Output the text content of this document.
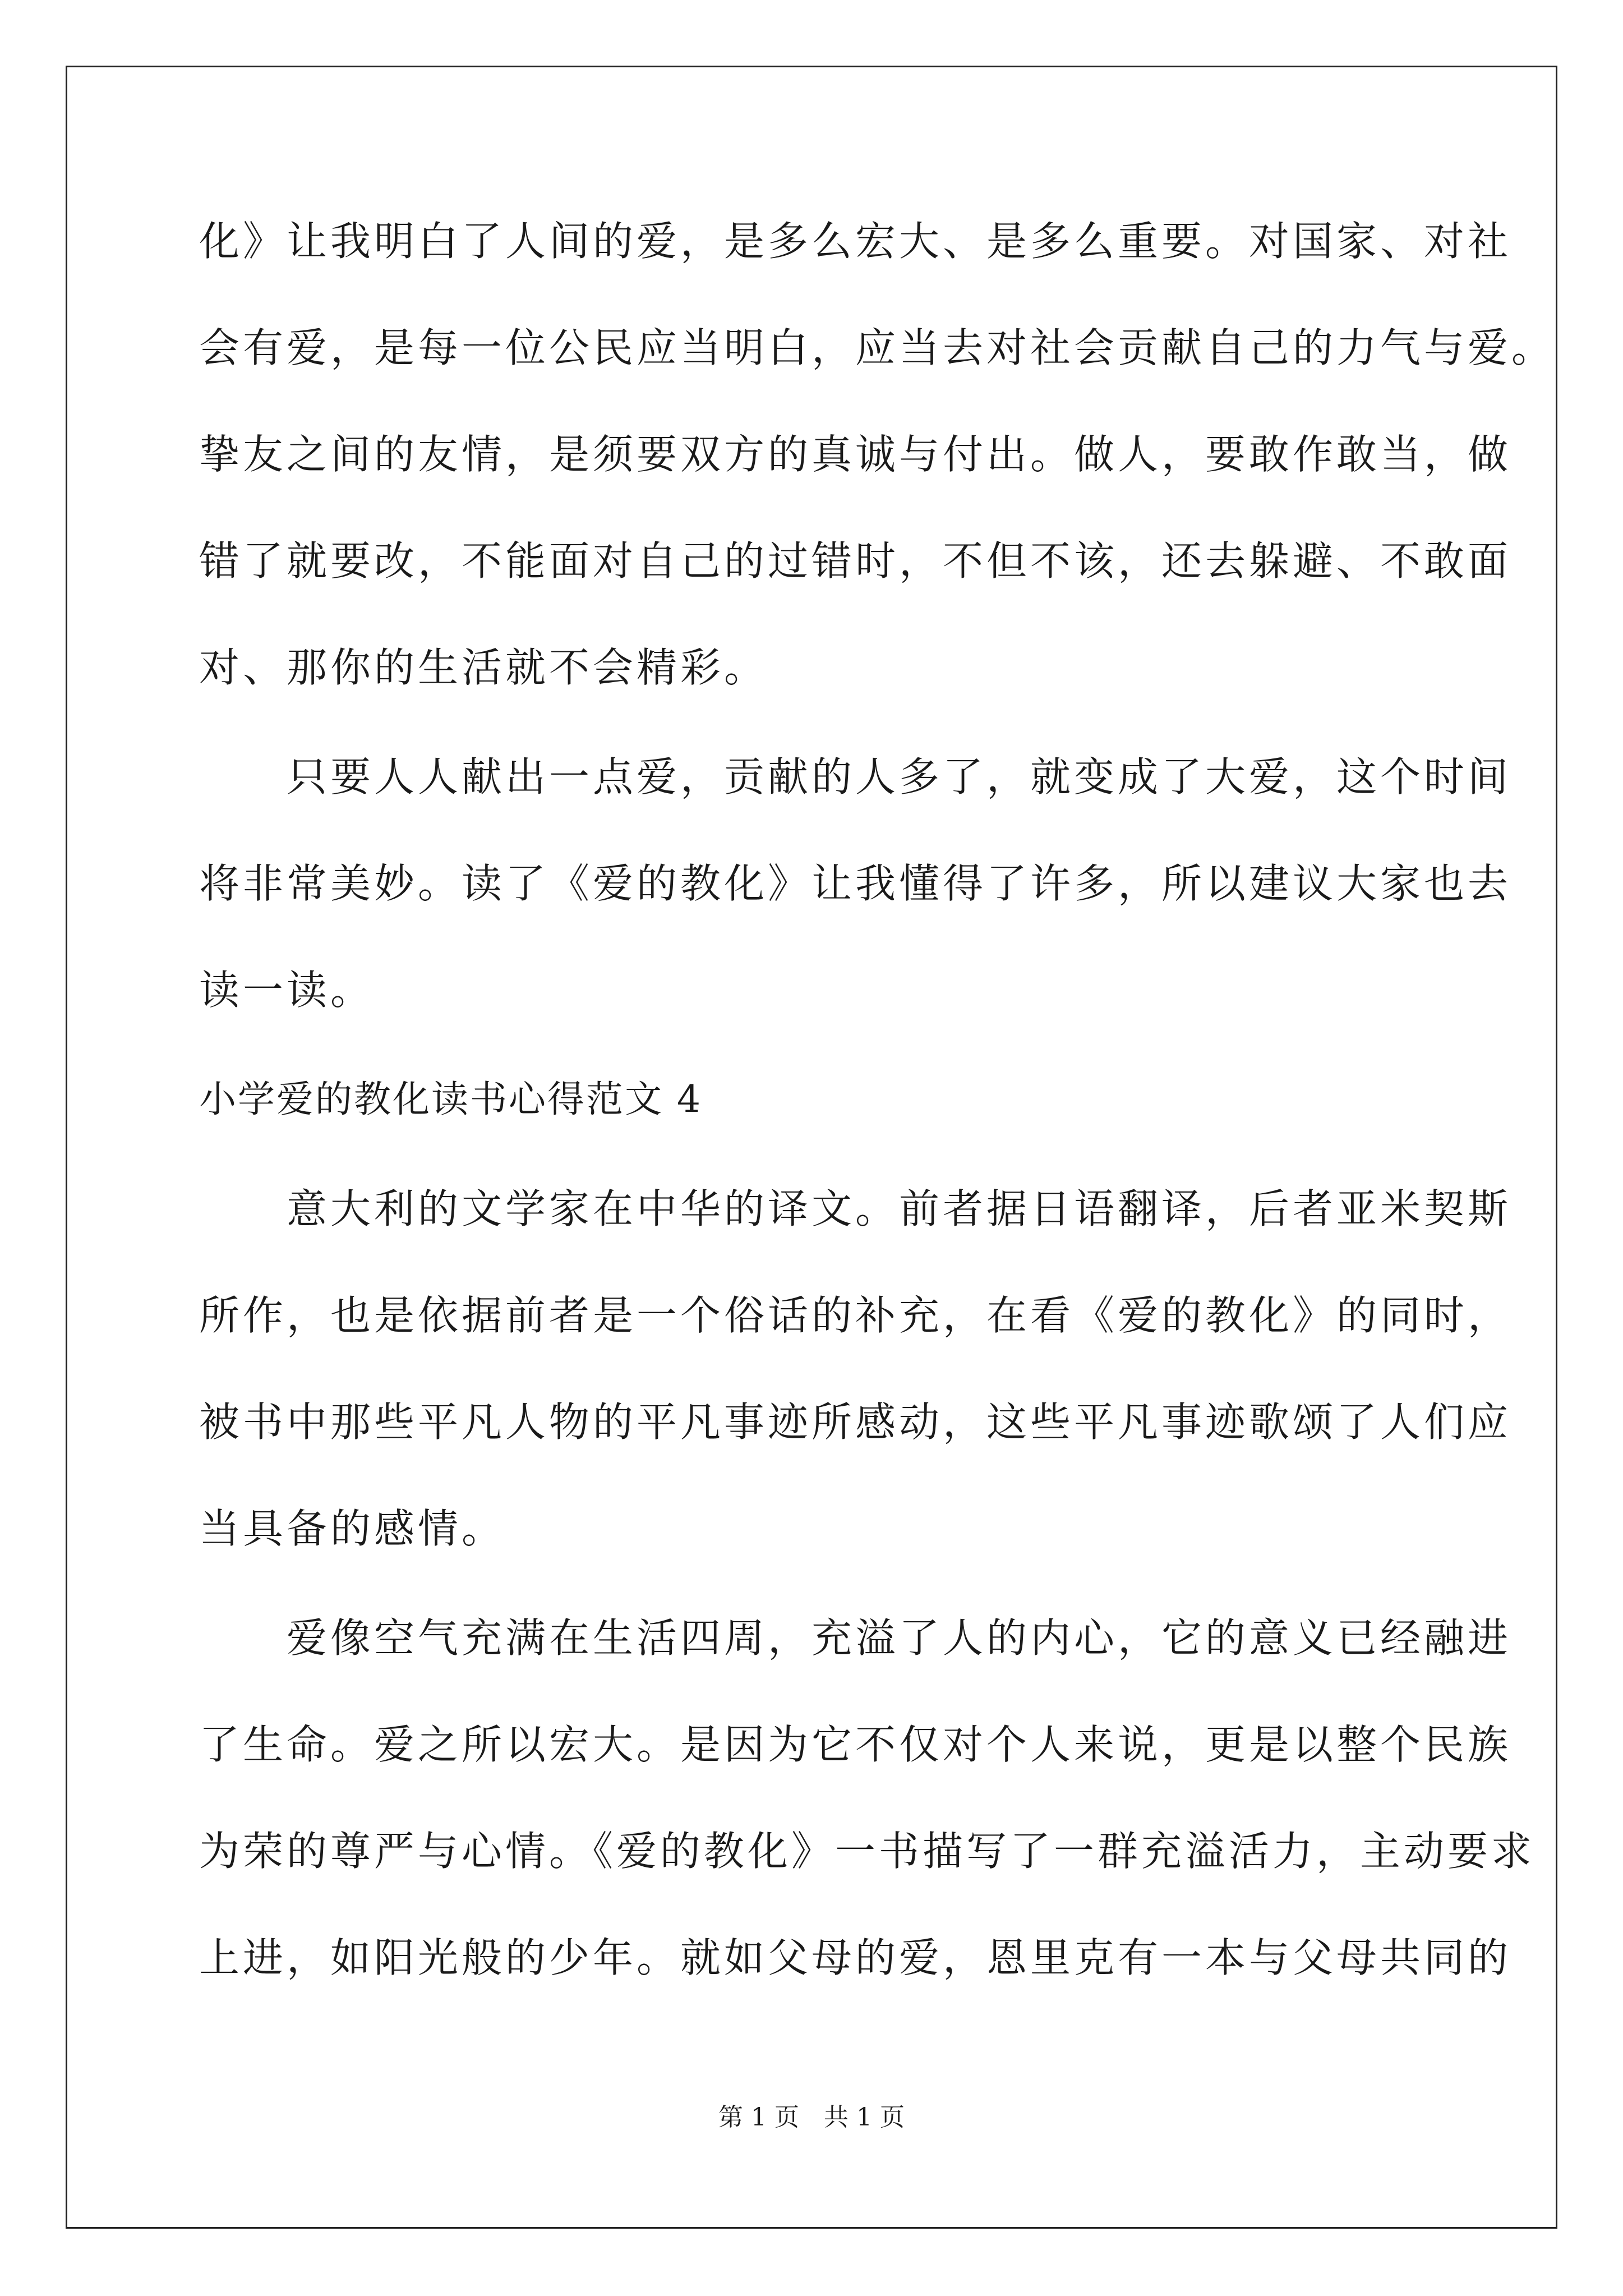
化》让我明白了人间的爱，是多么宏大、是多么重要。对国家、对社
会有爱，是每一位公民应当明白，应当去对社会贡献自己的力气与爱。
挚友之间的友情，是须要双方的真诚与付出。做人，要敢作敢当，做
错了就要改，不能面对自己的过错时，不但不该，还去躲避、不敢面
对、那你的生活就不会精彩。
　　只要人人献出一点爱，贡献的人多了，就变成了大爱，这个时间
将非常美妙。读了《爱的教化》让我懂得了许多，所以建议大家也去
读一读。
小学爱的教化读书心得范文 4
　　意大利的文学家在中华的译文。前者据日语翻译，后者亚米契斯
所作，也是依据前者是一个俗话的补充，在看《爱的教化》的同时，
被书中那些平凡人物的平凡事迹所感动，这些平凡事迹歌颂了人们应
当具备的感情。
　　爱像空气充满在生活四周，充溢了人的内心，它的意义已经融进
了生命。爱之所以宏大。是因为它不仅对个人来说，更是以整个民族
为荣的尊严与心情。《爱的教化》一书描写了一群充溢活力，主动要求
上进，如阳光般的少年。就如父母的爱，恩里克有一本与父母共同的
第 1 页　共 1 页
